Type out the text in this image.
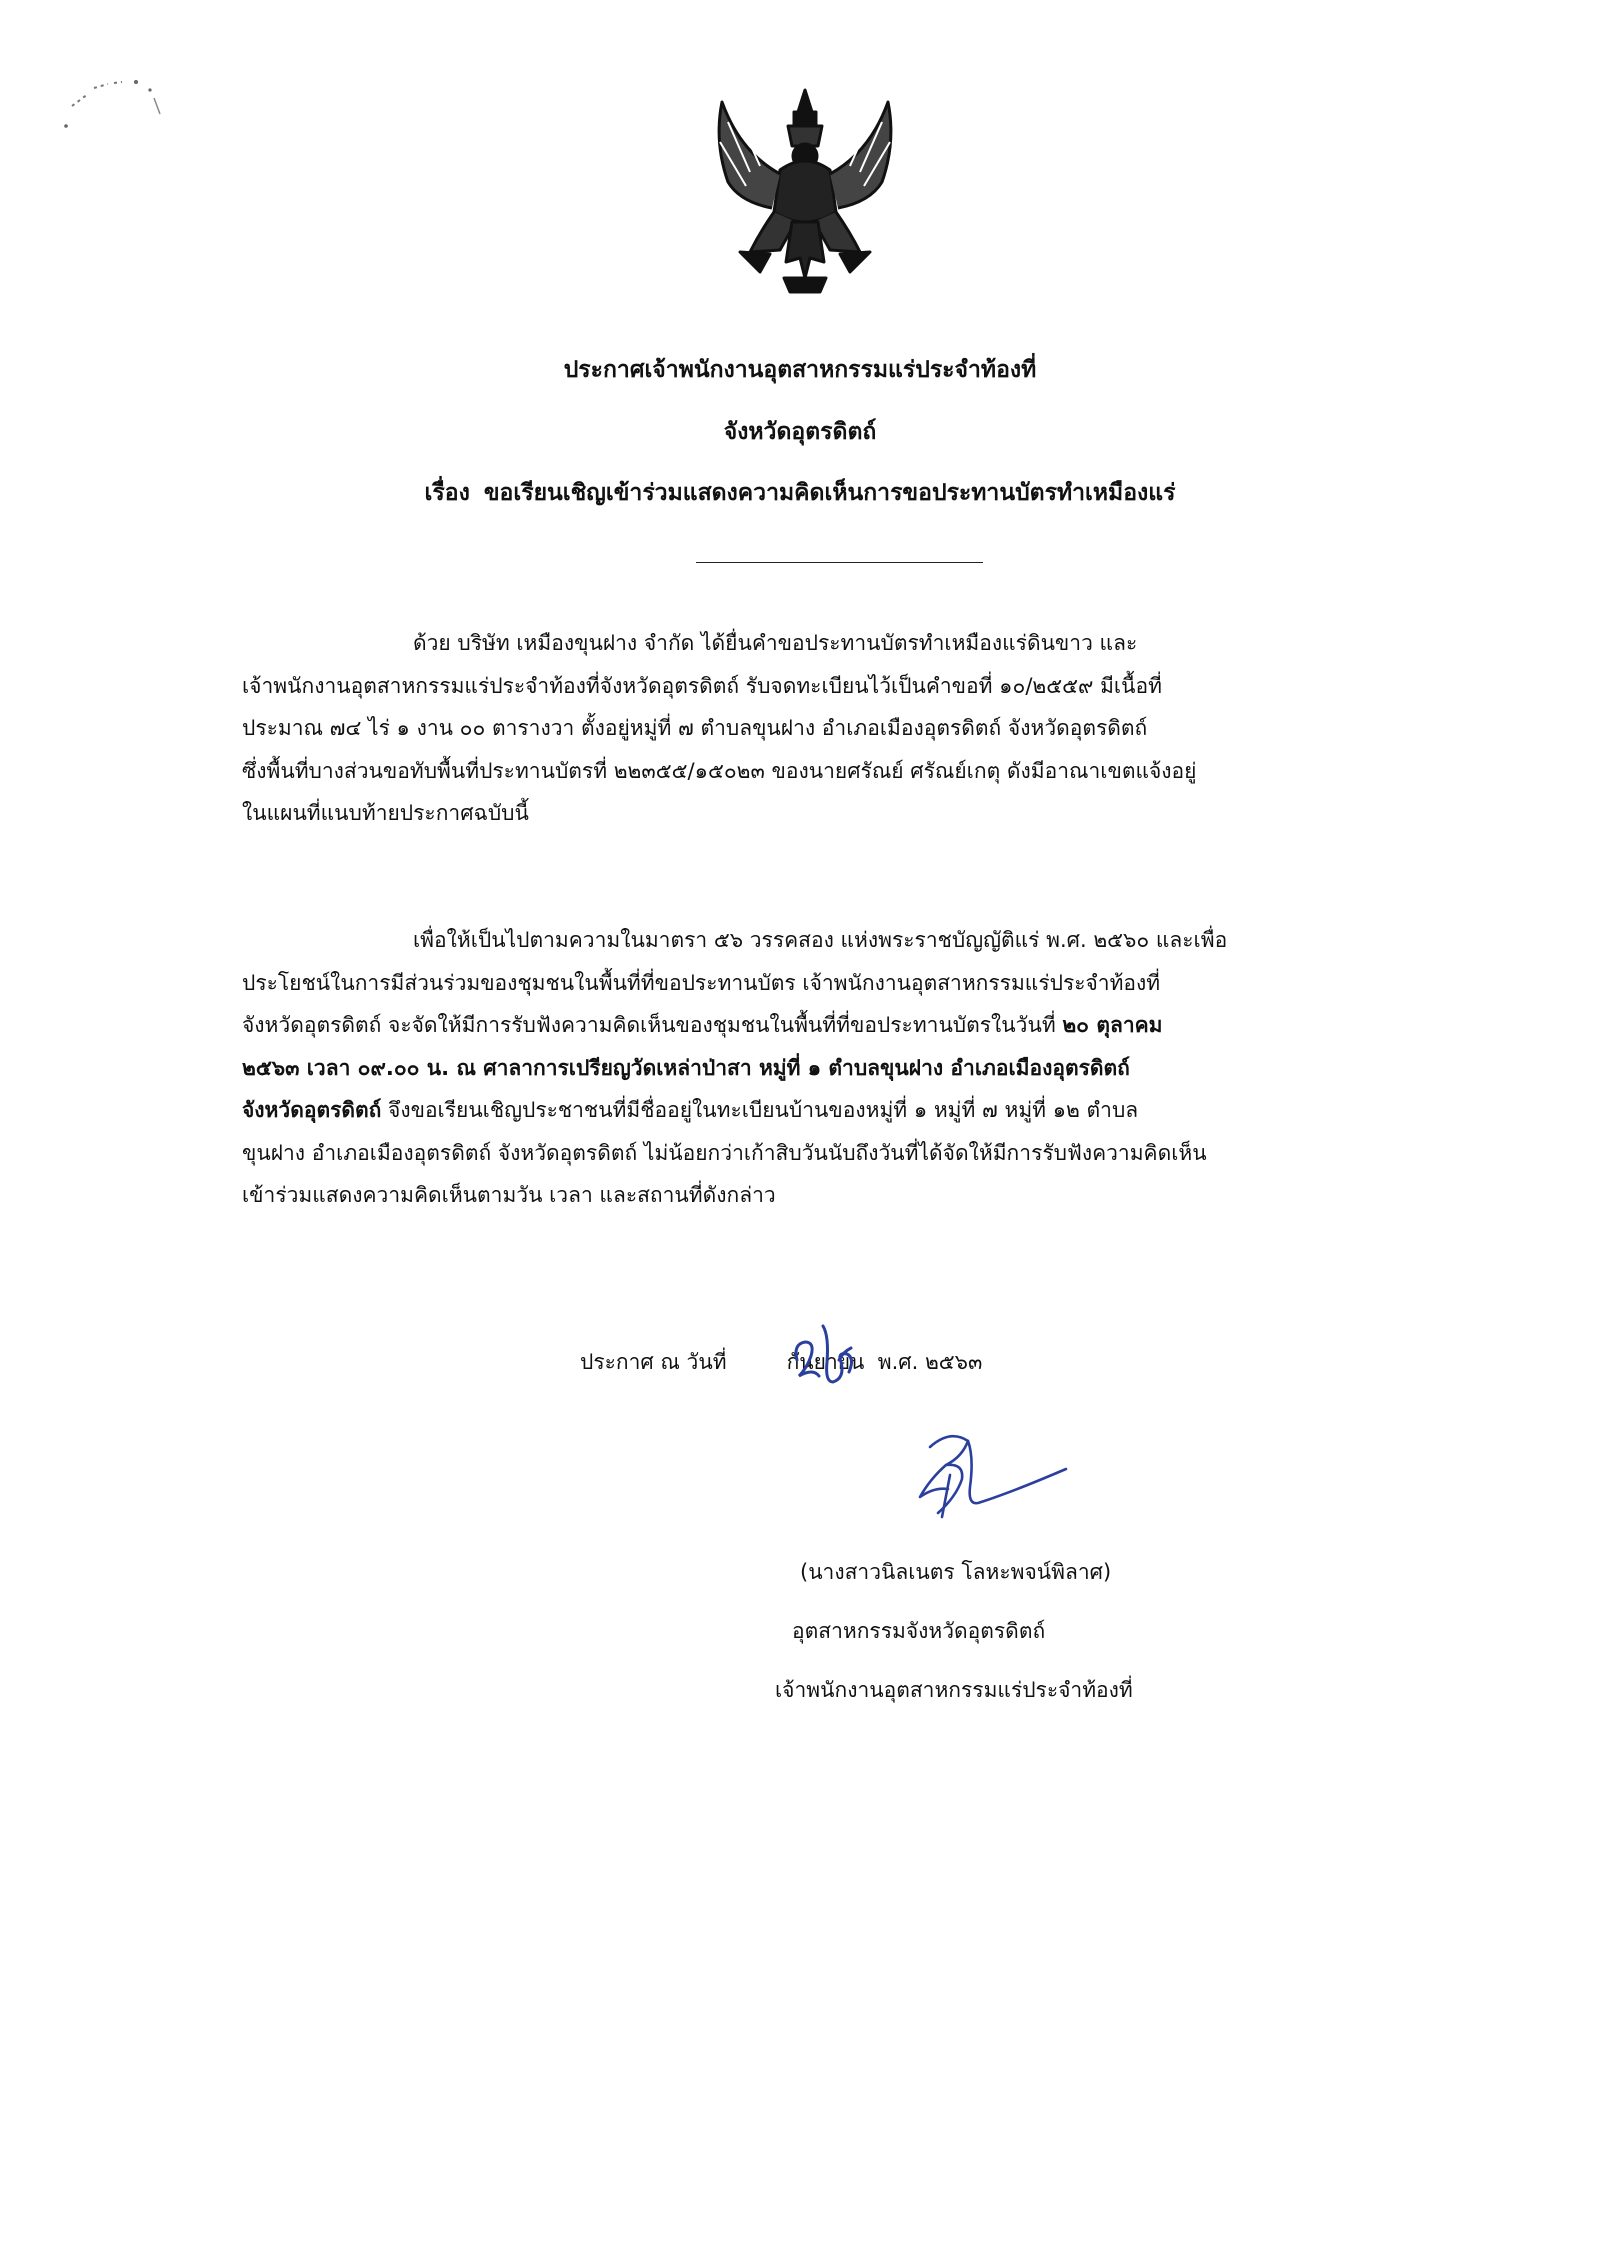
ประกาศเจ้าพนักงานอุตสาหกรรมแร่ประจำท้องที่
จังหวัดอุตรดิตถ์
เรื่อง ขอเรียนเชิญเข้าร่วมแสดงความคิดเห็นการขอประทานบัตรทำเหมืองแร่
ด้วย บริษัท เหมืองขุนฝาง จำกัด ได้ยื่นคำขอประทานบัตรทำเหมืองแร่ดินขาว และ
เจ้าพนักงานอุตสาหกรรมแร่ประจำท้องที่จังหวัดอุตรดิตถ์ รับจดทะเบียนไว้เป็นคำขอที่ ๑๐/๒๕๕๙ มีเนื้อที่
ประมาณ ๗๔ ไร่ ๑ งาน ๐๐ ตารางวา ตั้งอยู่หมู่ที่ ๗ ตำบลขุนฝาง อำเภอเมืองอุตรดิตถ์ จังหวัดอุตรดิตถ์
ซึ่งพื้นที่บางส่วนขอทับพื้นที่ประทานบัตรที่ ๒๒๓๕๕/๑๕๐๒๓ ของนายศรัณย์ ศรัณย์เกตุ ดังมีอาณาเขตแจ้งอยู่
ในแผนที่แนบท้ายประกาศฉบับนี้
เพื่อให้เป็นไปตามความในมาตรา ๕๖ วรรคสอง แห่งพระราชบัญญัติแร่ พ.ศ. ๒๕๖๐ และเพื่อ
ประโยชน์ในการมีส่วนร่วมของชุมชนในพื้นที่ที่ขอประทานบัตร เจ้าพนักงานอุตสาหกรรมแร่ประจำท้องที่
จังหวัดอุตรดิตถ์ จะจัดให้มีการรับฟังความคิดเห็นของชุมชนในพื้นที่ที่ขอประทานบัตรในวันที่ ๒๐ ตุลาคม
๒๕๖๓ เวลา ๐๙.๐๐ น. ณ ศาลาการเปรียญวัดเหล่าป่าสา หมู่ที่ ๑ ตำบลขุนฝาง อำเภอเมืองอุตรดิตถ์
จังหวัดอุตรดิตถ์ จึงขอเรียนเชิญประชาชนที่มีชื่ออยู่ในทะเบียนบ้านของหมู่ที่ ๑ หมู่ที่ ๗ หมู่ที่ ๑๒ ตำบล
ขุนฝาง อำเภอเมืองอุตรดิตถ์ จังหวัดอุตรดิตถ์ ไม่น้อยกว่าเก้าสิบวันนับถึงวันที่ได้จัดให้มีการรับฟังความคิดเห็น
เข้าร่วมแสดงความคิดเห็นตามวัน เวลา และสถานที่ดังกล่าว
ประกาศ ณ วันที่	กันยายน พ.ศ. ๒๕๖๓
(นางสาวนิลเนตร โลหะพจน์พิลาศ)
อุตสาหกรรมจังหวัดอุตรดิตถ์
เจ้าพนักงานอุตสาหกรรมแร่ประจำท้องที่
